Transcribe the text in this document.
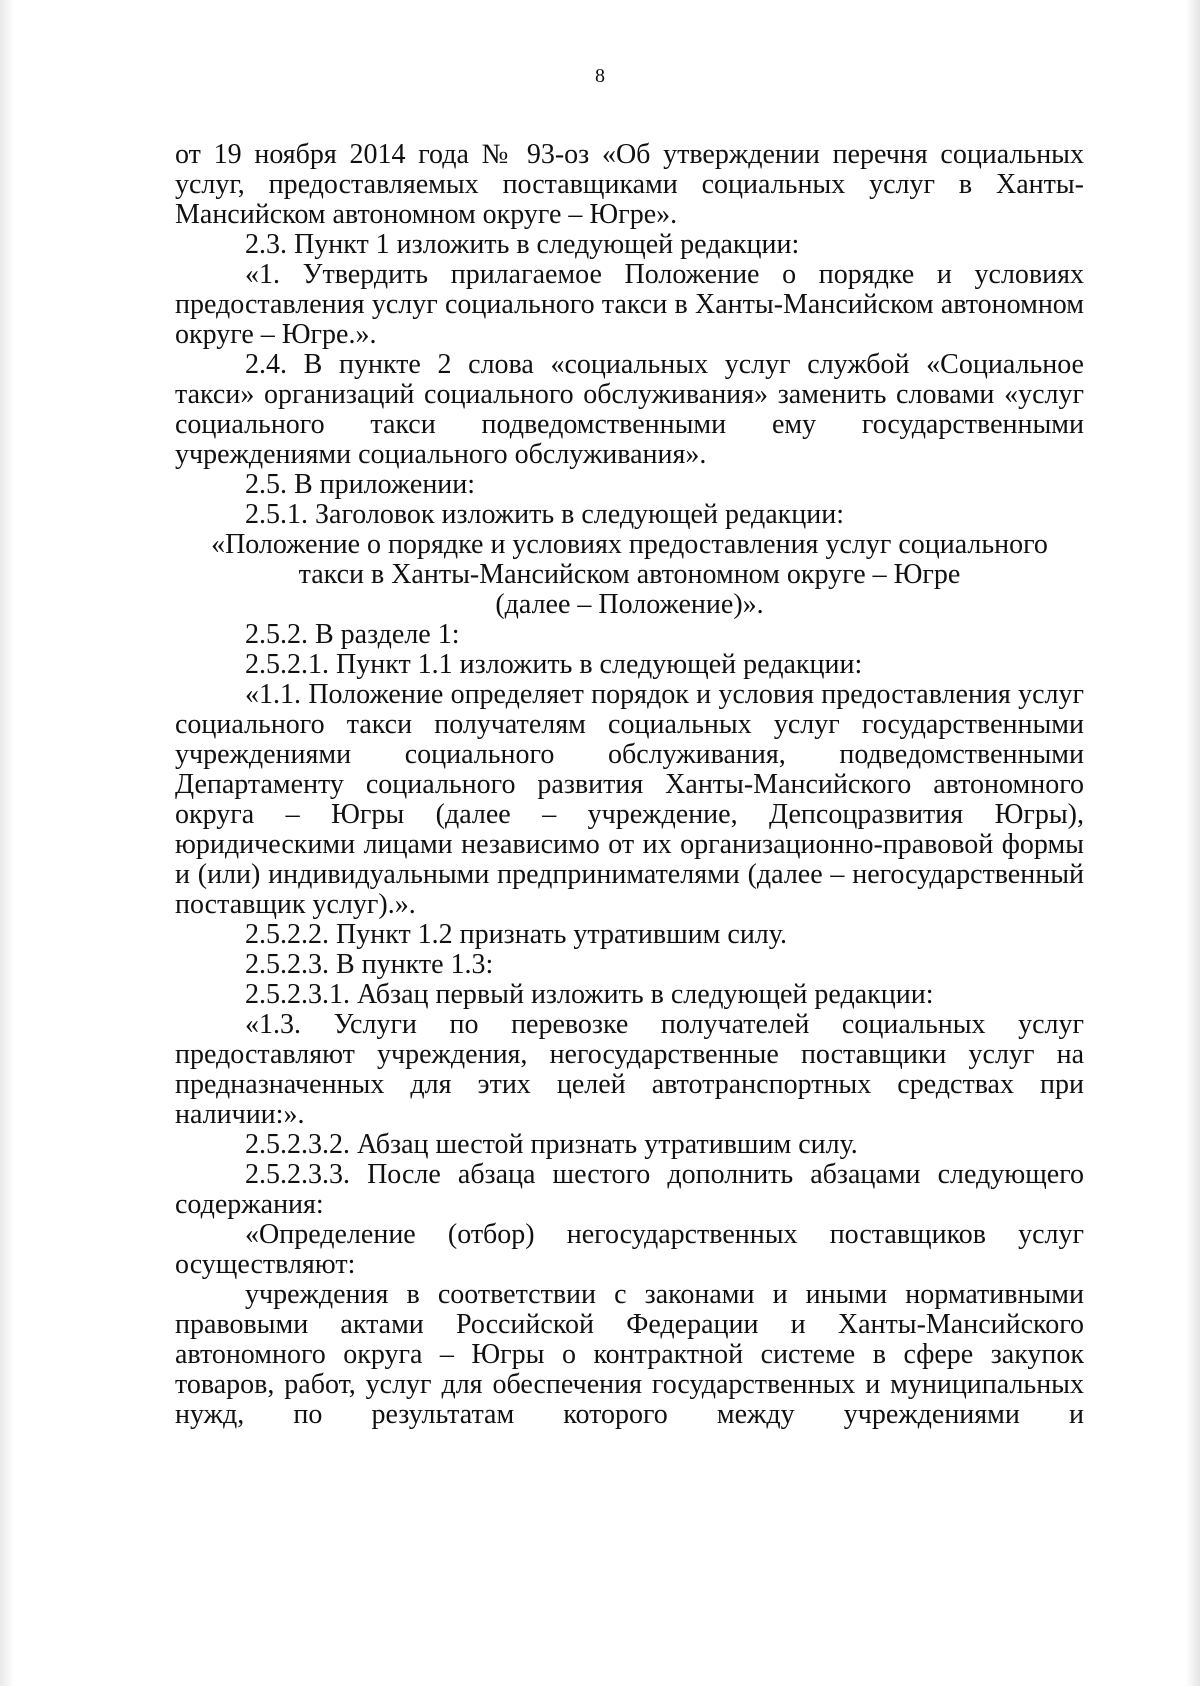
8

от 19 ноября 2014 года № 93-оз «Об утверждении перечня социальных услуг, предоставляемых поставщиками социальных услуг в Ханты-Мансийском автономном округе – Югре».

2.3. Пункт 1 изложить в следующей редакции:

«1. Утвердить прилагаемое Положение о порядке и условиях предоставления услуг социального такси в Ханты-Мансийском автономном округе – Югре.».

2.4. В пункте 2 слова «социальных услуг службой «Социальное такси» организаций социального обслуживания» заменить словами «услуг социального такси подведомственными ему государственными учреждениями социального обслуживания».

2.5. В приложении:

2.5.1. Заголовок изложить в следующей редакции:

«Положение о порядке и условиях предоставления услуг социального

такси в Ханты-Мансийском автономном округе – Югре

(далее – Положение)».

2.5.2. В разделе 1:

2.5.2.1. Пункт 1.1 изложить в следующей редакции:

«1.1. Положение определяет порядок и условия предоставления услуг социального такси получателям социальных услуг государственными учреждениями социального обслуживания, подведомственными Департаменту социального развития Ханты-Мансийского автономного округа – Югры (далее – учреждение, Депсоцразвития Югры), юридическими лицами независимо от их организационно-правовой формы и (или) индивидуальными предпринимателями (далее – негосударственный поставщик услуг).».

2.5.2.2. Пункт 1.2 признать утратившим силу.

2.5.2.3. В пункте 1.3:

2.5.2.3.1. Абзац первый изложить в следующей редакции:

«1.3. Услуги по перевозке получателей социальных услуг предоставляют учреждения, негосударственные поставщики услуг на предназначенных для этих целей автотранспортных средствах при наличии:».

2.5.2.3.2. Абзац шестой признать утратившим силу.

2.5.2.3.3. После абзаца шестого дополнить абзацами следующего содержания:

«Определение (отбор) негосударственных поставщиков услуг осуществляют:

учреждения в соответствии с законами и иными нормативными правовыми актами Российской Федерации и Ханты-Мансийского автономного округа – Югры о контрактной системе в сфере закупок товаров, работ, услуг для обеспечения государственных и муниципальных нужд, по результатам которого между учреждениями и
